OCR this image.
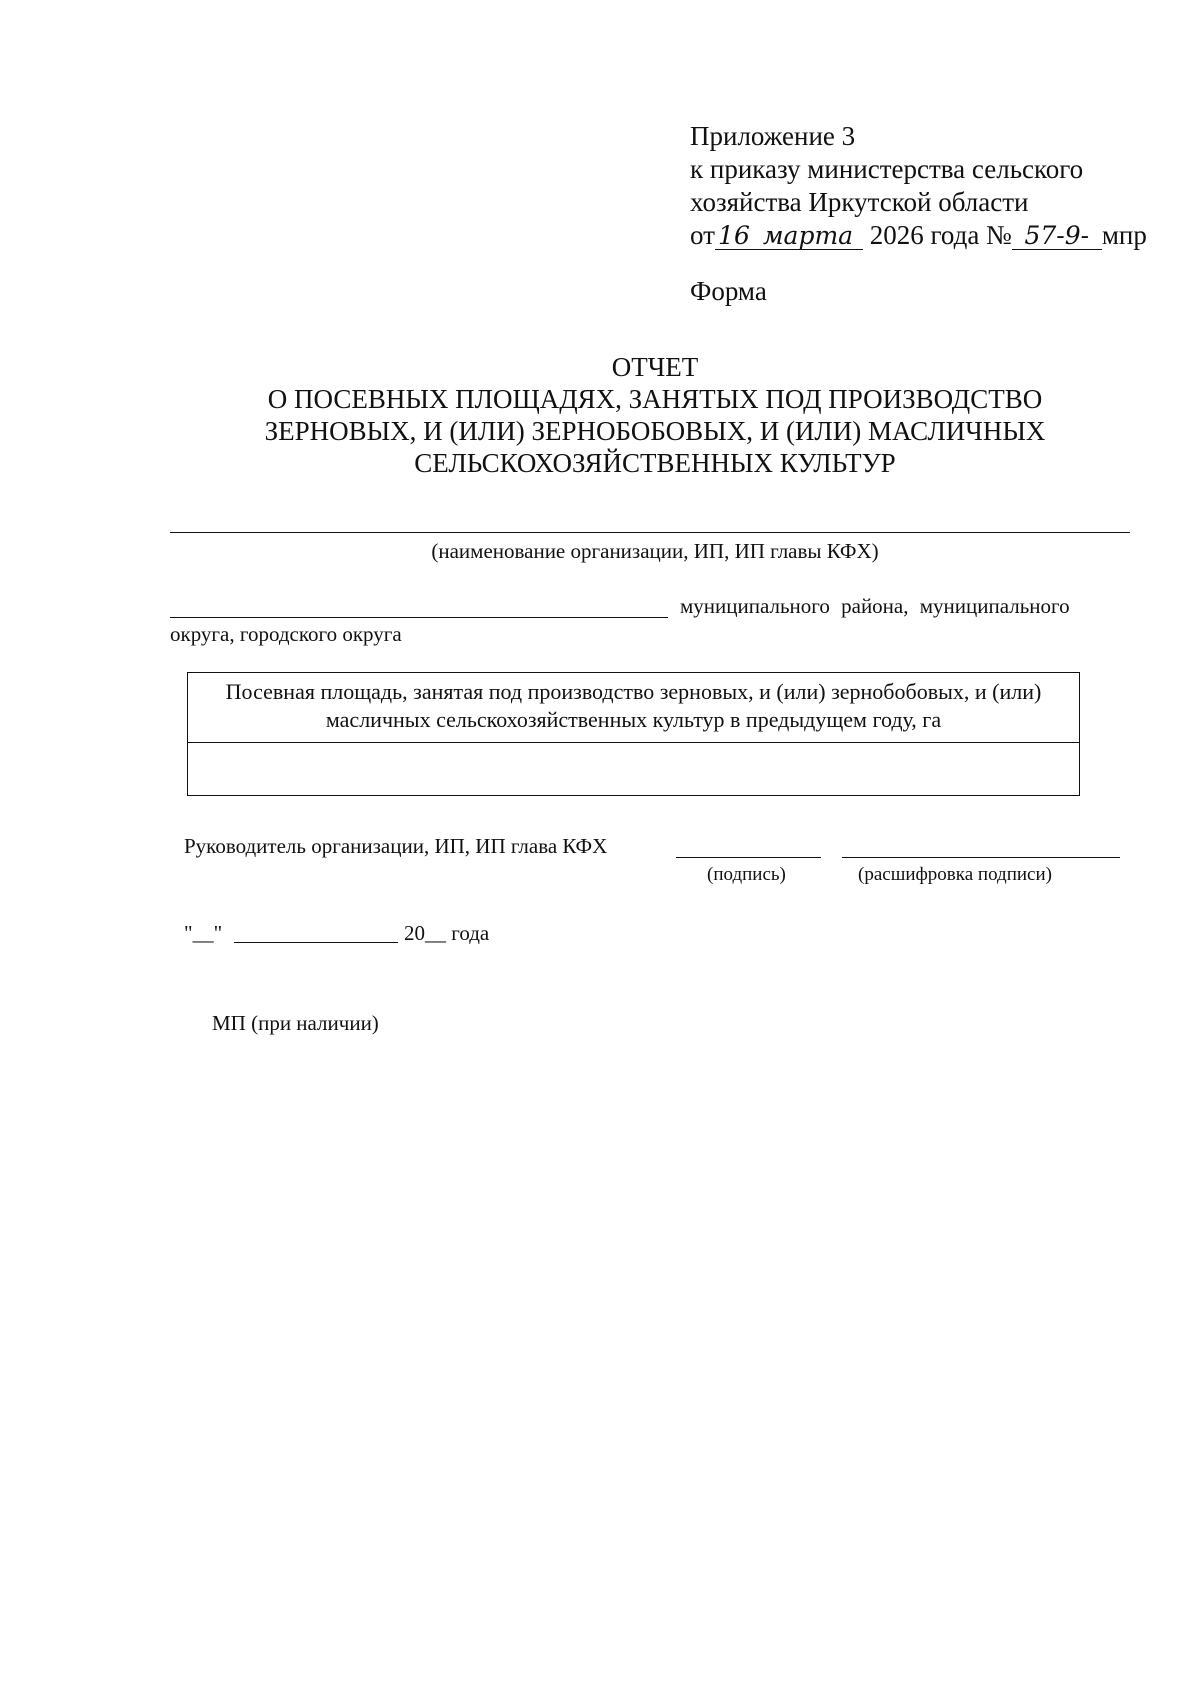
Приложение 3
к приказу министерства сельского
хозяйства Иркутской области
от 16 марта 2026 года № 57-9- мпр
Форма
ОТЧЕТ
О ПОСЕВНЫХ ПЛОЩАДЯХ, ЗАНЯТЫХ ПОД ПРОИЗВОДСТВО
ЗЕРНОВЫХ, И (ИЛИ) ЗЕРНОБОБОВЫХ, И (ИЛИ) МАСЛИЧНЫХ
СЕЛЬСКОХОЗЯЙСТВЕННЫХ КУЛЬТУР
(наименование организации, ИП, ИП главы КФХ)
муниципального района, муниципального
округа, городского округа
Посевная площадь, занятая под производство зерновых, и (или) зернобобовых, и (или) масличных сельскохозяйственных культур в предыдущем году, га
Руководитель организации, ИП, ИП глава КФХ
(подпись)	(расшифровка подписи)
"__"	20__ года
МП (при наличии)
